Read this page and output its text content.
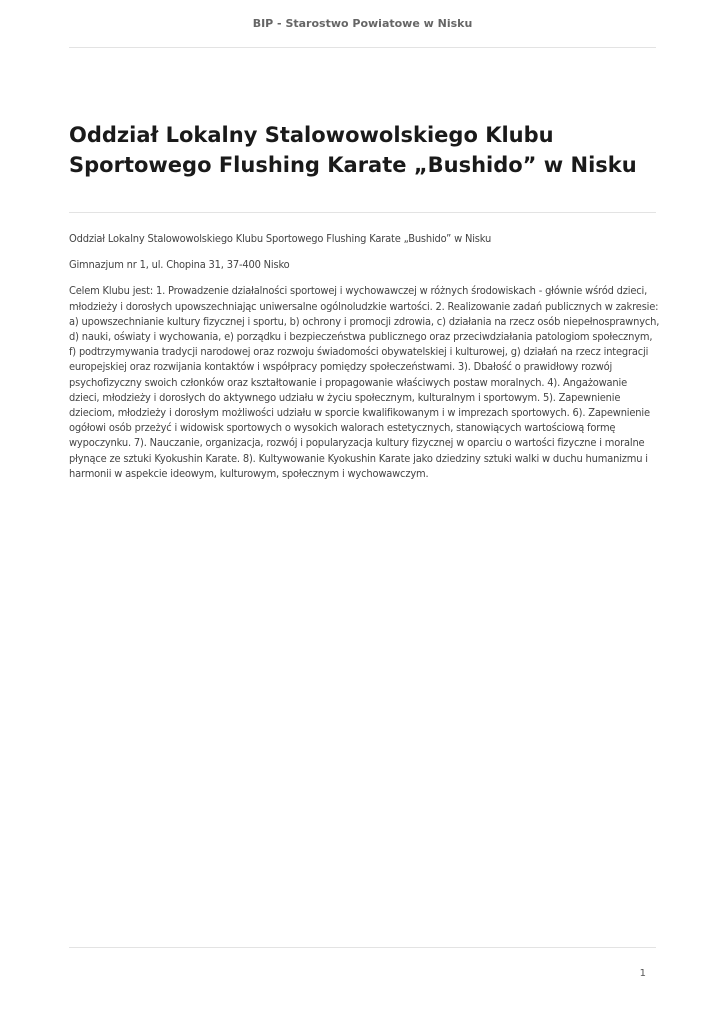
BIP - Starostwo Powiatowe w Nisku
Oddział Lokalny Stalowowolskiego Klubu Sportowego Flushing Karate „Bushido” w Nisku

Oddział Lokalny Stalowowolskiego Klubu Sportowego Flushing Karate „Bushido” w Nisku

Gimnazjum nr 1, ul. Chopina 31, 37-400 Nisko

Celem Klubu jest: 1. Prowadzenie działalności sportowej i wychowawczej w różnych środowiskach - głównie wśród dzieci, młodzieży i dorosłych upowszechniając uniwersalne ogólnoludzkie wartości. 2. Realizowanie zadań publicznych w zakresie: a) upowszechnianie kultury fizycznej i sportu, b) ochrony i promocji zdrowia, c) działania na rzecz osób niepełnosprawnych, d) nauki, oświaty i wychowania, e) porządku i bezpieczeństwa publicznego oraz przeciwdziałania patologiom społecznym, f) podtrzymywania tradycji narodowej oraz rozwoju świadomości obywatelskiej i kulturowej, g) działań na rzecz integracji europejskiej oraz rozwijania kontaktów i współpracy pomiędzy społeczeństwami. 3). Dbałość o prawidłowy rozwój psychofizyczny swoich członków oraz kształtowanie i propagowanie właściwych postaw moralnych. 4). Angażowanie dzieci, młodzieży i dorosłych do aktywnego udziału w życiu społecznym, kulturalnym i sportowym. 5). Zapewnienie dzieciom, młodzieży i dorosłym możliwości udziału w sporcie kwalifikowanym i w imprezach sportowych. 6). Zapewnienie ogółowi osób przeżyć i widowisk sportowych o wysokich walorach estetycznych, stanowiących wartościową formę wypoczynku. 7). Nauczanie, organizacja, rozwój i popularyzacja kultury fizycznej w oparciu o wartości fizyczne i moralne płynące ze sztuki Kyokushin Karate. 8). Kultywowanie Kyokushin Karate jako dziedziny sztuki walki w duchu humanizmu i harmonii w aspekcie ideowym, kulturowym, społecznym i wychowawczym.

1
